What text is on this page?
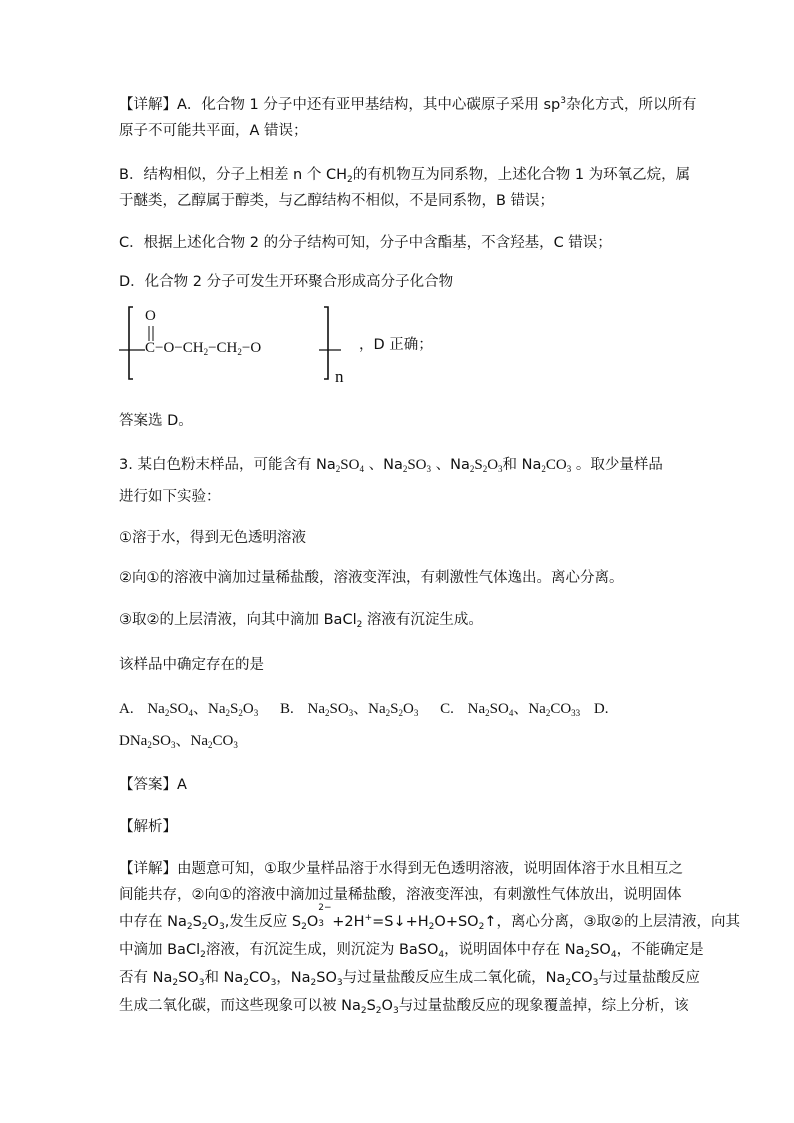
【详解】A．化合物 1 分子中还有亚甲基结构，其中心碳原子采用 $sp^3$杂化方式，所以所有
原子不可能共平面，A 错误；
B．结构相似，分子上相差 n 个 $CH_2$的有机物互为同系物，上述化合物 1 为环氧乙烷，属
于醚类，乙醇属于醇类，与乙醇结构不相似，不是同系物，B 错误；
C．根据上述化合物 2 的分子结构可知，分子中含酯基，不含羟基，C 错误；
D．化合物 2 分子可发生开环聚合形成高分子化合物
O
$C-O-CH_2-CH_2-O$
n
，D 正确；
答案选 D。
3. 某白色粉末样品，可能含有 $Na_2SO_4$ 、$Na_2SO_3$ 、$Na_2S_2O_3$和 $Na_2CO_3$ 。取少量样品
进行如下实验：
①溶于水，得到无色透明溶液
②向①的溶液中滴加过量稀盐酸，溶液变浑浊，有刺激性气体逸出。离心分离。
③取②的上层清液，向其中滴加 BaCl$_2$ 溶液有沉淀生成。
该样品中确定存在的是
A. $Na_2SO_4$、$Na_2S_2O_3$ B. $Na_2SO_3$、$Na_2S_2O_3$ C. $Na_2SO_4$、$Na_2CO_{33}$ D.
$DNa_2SO_3$、$Na_2CO_3$
【答案】A
【解析】
【详解】由题意可知，①取少量样品溶于水得到无色透明溶液，说明固体溶于水且相互之
间能共存，②向①的溶液中滴加过量稀盐酸，溶液变浑浊，有刺激性气体放出，说明固体
中存在 $Na_2S_2O_3$,发生反应 $S_2O$
2−
$3 +2H^+=S↓+H_2O+SO_2↑$，离心分离，③取②的上层清液，向其
中滴加 BaCl$_2$溶液，有沉淀生成，则沉淀为 BaSO$_4$，说明固体中存在 $Na_2SO_4$，不能确定是
否有 $Na_2SO_3$和 $Na_2CO_3$，$Na_2SO_3$与过量盐酸反应生成二氧化硫，$Na_2CO_3$与过量盐酸反应
生成二氧化碳，而这些现象可以被 $Na_2S_2O_3$与过量盐酸反应的现象覆盖掉，综上分析，该
